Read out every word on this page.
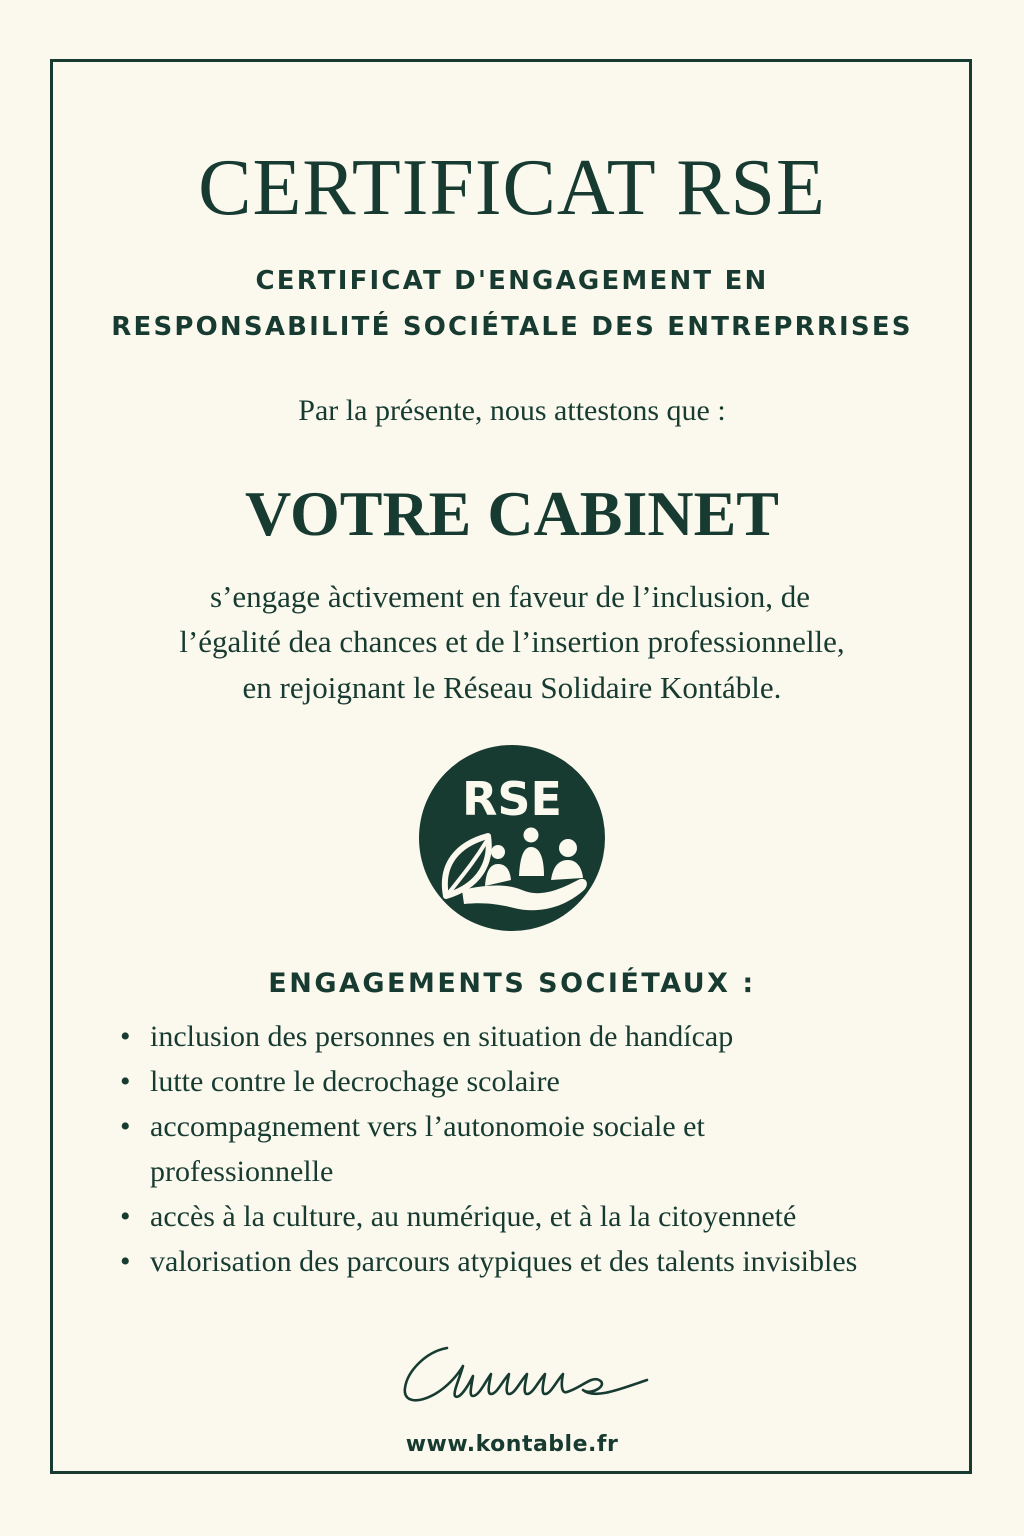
CERTIFICAT RSE
CERTIFICAT D'ENGAGEMENT EN
RESPONSABILITÉ SOCIÉTALE DES ENTREPRRISES
Par la présente, nous attestons que :
VOTRE CABINET
s’engage àctivement en faveur de l’inclusion, de
l’égalité dea chances et de l’insertion professionnelle,
en rejoignant le Réseau Solidaire Kontáble.
RSE
ENGAGEMENTS SOCIÉTAUX :
• inclusion des personnes en situation de handícap
• lutte contre le decrochage scolaire
• accompagnement vers l’autonomoie sociale et professionnelle
• accès à la culture, au numérique, et à la la citoyenneté
• valorisation des parcours atypiques et des talents invisibles
www.kontable.fr
